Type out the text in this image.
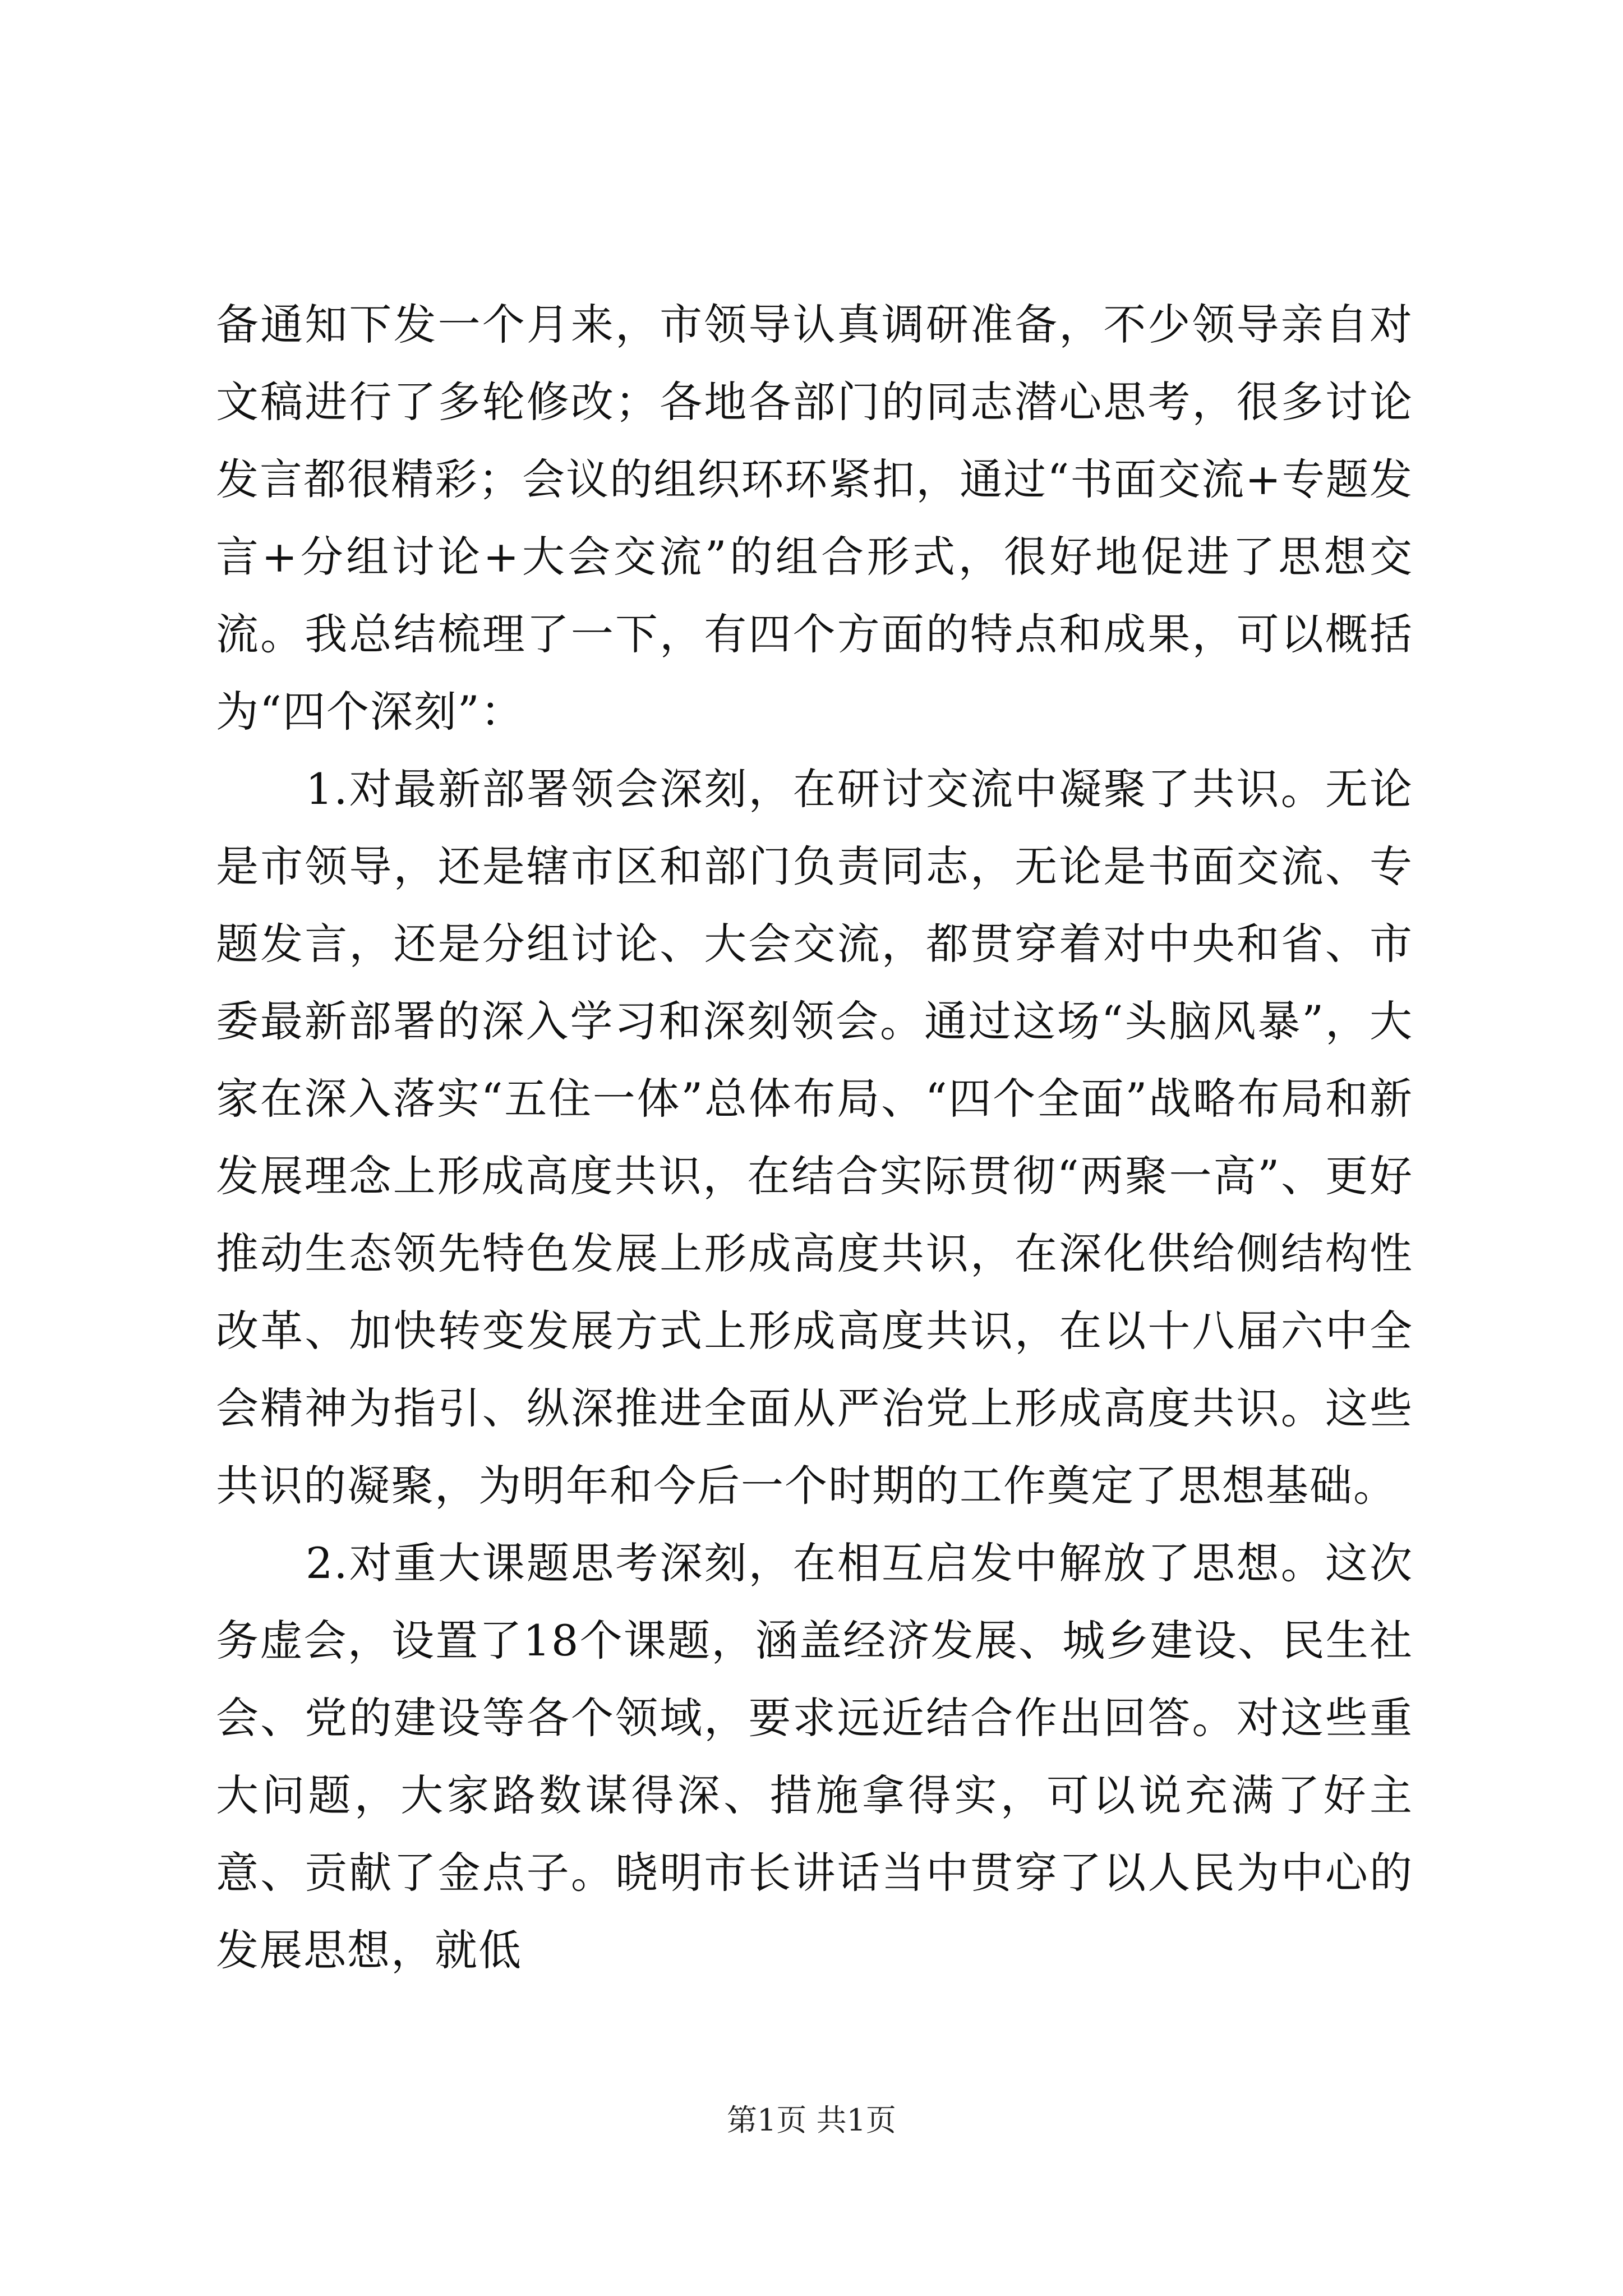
备通知下发一个月来，市领导认真调研准备，不少领导亲自对文稿进行了多轮修改；各地各部门的同志潜心思考，很多讨论发言都很精彩；会议的组织环环紧扣，通过“书面交流+专题发言+分组讨论+大会交流”的组合形式，很好地促进了思想交流。我总结梳理了一下，有四个方面的特点和成果，可以概括为“四个深刻”：

1.对最新部署领会深刻，在研讨交流中凝聚了共识。无论是市领导，还是辖市区和部门负责同志，无论是书面交流、专题发言，还是分组讨论、大会交流，都贯穿着对中央和省、市委最新部署的深入学习和深刻领会。通过这场“头脑风暴”，大家在深入落实“五住一体”总体布局、“四个全面”战略布局和新发展理念上形成高度共识，在结合实际贯彻“两聚一高”、更好推动生态领先特色发展上形成高度共识，在深化供给侧结构性改革、加快转变发展方式上形成高度共识，在以十八届六中全会精神为指引、纵深推进全面从严治党上形成高度共识。这些共识的凝聚，为明年和今后一个时期的工作奠定了思想基础。

2.对重大课题思考深刻，在相互启发中解放了思想。这次务虚会，设置了18个课题，涵盖经济发展、城乡建设、民生社会、党的建设等各个领域，要求远近结合作出回答。对这些重大问题，大家路数谋得深、措施拿得实，可以说充满了好主意、贡献了金点子。晓明市长讲话当中贯穿了以人民为中心的发展思想，就低

第1页 共1页
